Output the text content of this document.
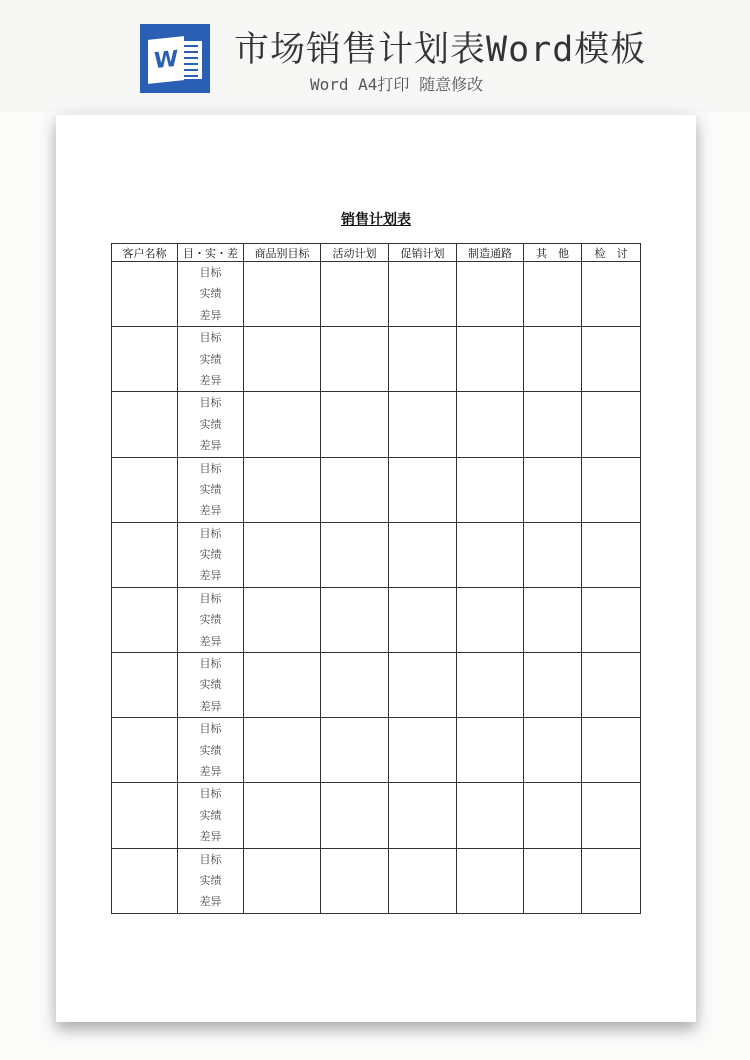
W 市场销售计划表Word模板
Word A4打印 随意修改
销售计划表
客户名称	目・实・差	商品别目标	活动计划	促销计划	制造通路	其　他	检　讨

	目标
实绩
差异						

	目标
实绩
差异						

	目标
实绩
差异						

	目标
实绩
差异						

	目标
实绩
差异						

	目标
实绩
差异						

	目标
实绩
差异						

	目标
实绩
差异						

	目标
实绩
差异						

	目标
实绩
差异						
